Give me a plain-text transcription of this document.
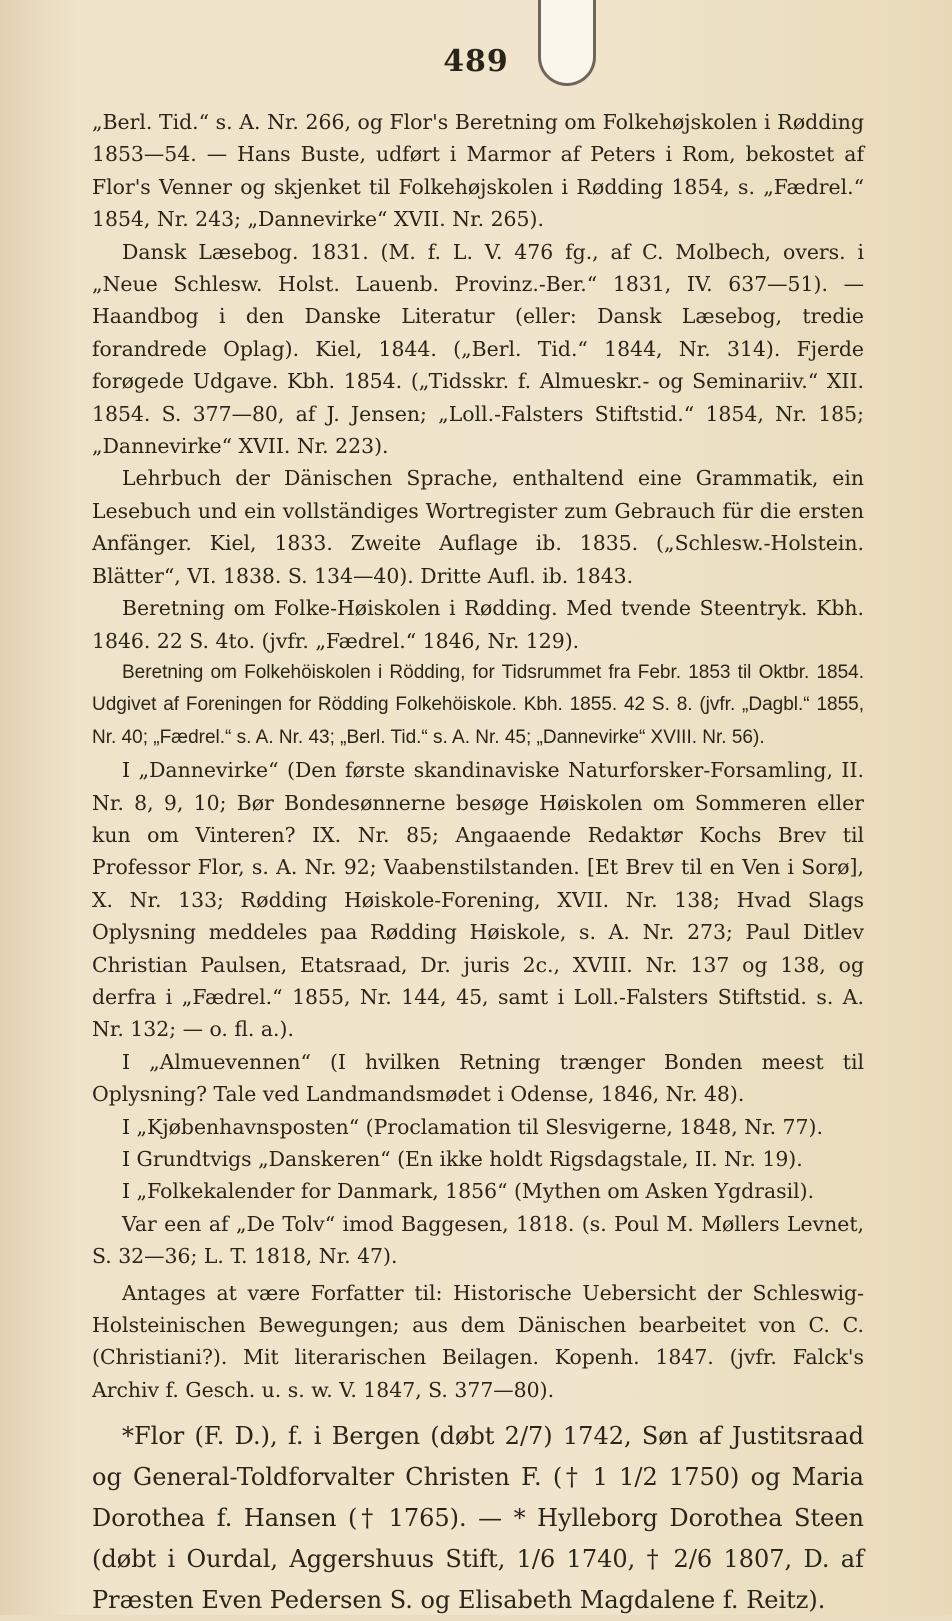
489

„Berl. Tid.“ s. A. Nr. 266, og Flor's Beretning om Folkehøjskolen i Rødding 1853—54. — Hans Buste, udført i Marmor af Peters i Rom, bekostet af Flor's Venner og skjenket til Folkehøjskolen i Rødding 1854, s. „Fædrel.“ 1854, Nr. 243; „Dannevirke“ XVII. Nr. 265).

Dansk Læsebog. 1831. (M. f. L. V. 476 fg., af C. Molbech, overs. i „Neue Schlesw. Holst. Lauenb. Provinz.-Ber.“ 1831, IV. 637—51). — Haandbog i den Danske Literatur (eller: Dansk Læsebog, tredie forandrede Oplag). Kiel, 1844. („Berl. Tid.“ 1844, Nr. 314). Fjerde forøgede Udgave. Kbh. 1854. („Tidsskr. f. Almueskr.- og Seminariiv.“ XII. 1854. S. 377—80, af J. Jensen; „Loll.-Falsters Stiftstid.“ 1854, Nr. 185; „Dannevirke“ XVII. Nr. 223).

Lehrbuch der Dänischen Sprache, enthaltend eine Grammatik, ein Lesebuch und ein vollständiges Wortregister zum Gebrauch für die ersten Anfänger. Kiel, 1833. Zweite Auflage ib. 1835. („Schlesw.-Holstein. Blätter“, VI. 1838. S. 134—40). Dritte Aufl. ib. 1843.

Beretning om Folke-Høiskolen i Rødding. Med tvende Steentryk. Kbh. 1846. 22 S. 4to. (jvfr. „Fædrel.“ 1846, Nr. 129).

Beretning om Folkehöiskolen i Rödding, for Tidsrummet fra Febr. 1853 til Oktbr. 1854. Udgivet af Foreningen for Rödding Folkehöiskole. Kbh. 1855. 42 S. 8. (jvfr. „Dagbl.“ 1855, Nr. 40; „Fædrel.“ s. A. Nr. 43; „Berl. Tid.“ s. A. Nr. 45; „Dannevirke“ XVIII. Nr. 56).

I „Dannevirke“ (Den første skandinaviske Naturforsker-Forsamling, II. Nr. 8, 9, 10; Bør Bondesønnerne besøge Høiskolen om Sommeren eller kun om Vinteren? IX. Nr. 85; Angaaende Redaktør Kochs Brev til Professor Flor, s. A. Nr. 92; Vaabenstilstanden. [Et Brev til en Ven i Sorø], X. Nr. 133; Rødding Høiskole-Forening, XVII. Nr. 138; Hvad Slags Oplysning meddeles paa Rødding Høiskole, s. A. Nr. 273; Paul Ditlev Christian Paulsen, Etatsraad, Dr. juris 2c., XVIII. Nr. 137 og 138, og derfra i „Fædrel.“ 1855, Nr. 144, 45, samt i Loll.-Falsters Stiftstid. s. A. Nr. 132; — o. fl. a.).

I „Almuevennen“ (I hvilken Retning trænger Bonden meest til Oplysning? Tale ved Landmandsmødet i Odense, 1846, Nr. 48).

I „Kjøbenhavnsposten“ (Proclamation til Slesvigerne, 1848, Nr. 77).

I Grundtvigs „Danskeren“ (En ikke holdt Rigsdagstale, II. Nr. 19).

I „Folkekalender for Danmark, 1856“ (Mythen om Asken Ygdrasil).

Var een af „De Tolv“ imod Baggesen, 1818. (s. Poul M. Møllers Levnet, S. 32—36; L. T. 1818, Nr. 47).

Antages at være Forfatter til: Historische Uebersicht der Schleswig-Holsteinischen Bewegungen; aus dem Dänischen bearbeitet von C. C. (Christiani?). Mit literarischen Beilagen. Kopenh. 1847. (jvfr. Falck's Archiv f. Gesch. u. s. w. V. 1847, S. 377—80).

*Flor (F. D.), f. i Bergen (døbt 2/7) 1742, Søn af Justitsraad og General-Toldforvalter Christen F. († 1 1/2 1750) og Maria Dorothea f. Hansen († 1765). — * Hylleborg Dorothea Steen (døbt i Ourdal, Aggershuus Stift, 1/6 1740, † 2/6 1807, D. af Præsten Even Pedersen S. og Elisabeth Magdalene f. Reitz).
